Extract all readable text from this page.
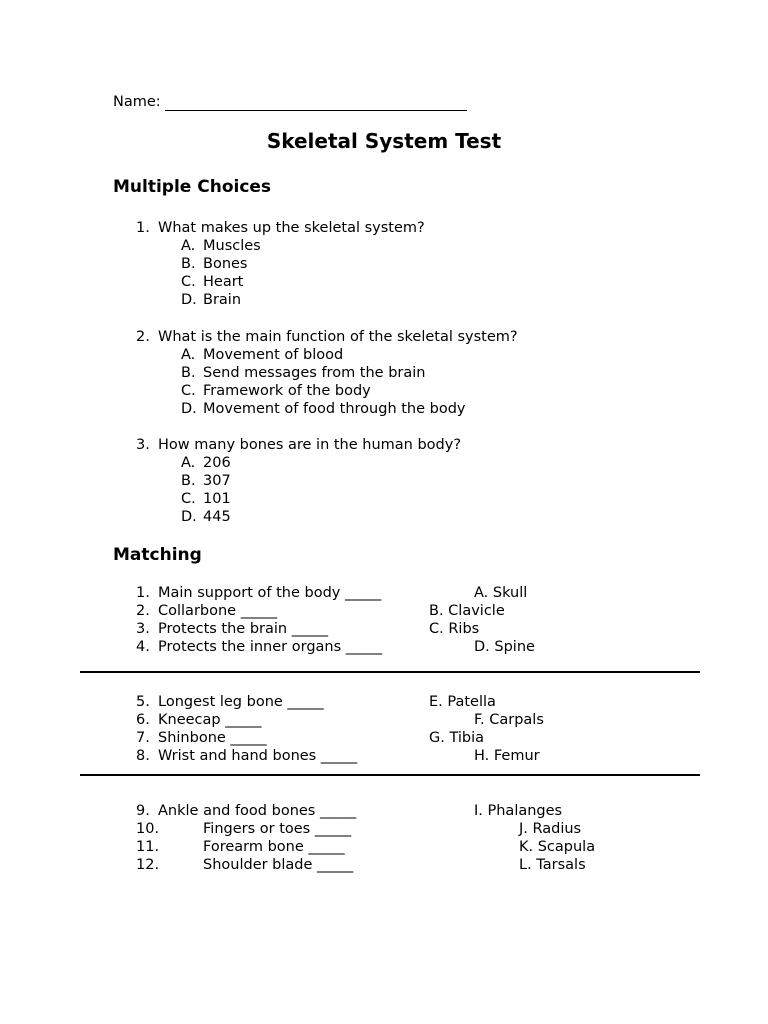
Name:
Skeletal System Test
Multiple Choices
1. What makes up the skeletal system?
A. Muscles
B. Bones
C. Heart
D. Brain
2. What is the main function of the skeletal system?
A. Movement of blood
B. Send messages from the brain
C. Framework of the body
D. Movement of food through the body
3. How many bones are in the human body?
A. 206
B. 307
C. 101
D. 445
Matching
1. Main support of the body _____	A. Skull
2. Collarbone _____	B. Clavicle
3. Protects the brain _____	C. Ribs
4. Protects the inner organs _____	D. Spine
5. Longest leg bone _____	E. Patella
6. Kneecap _____	F. Carpals
7. Shinbone _____	G. Tibia
8. Wrist and hand bones _____	H. Femur
9. Ankle and food bones _____	I. Phalanges
10.	Fingers or toes _____	J. Radius
11.	Forearm bone _____	K. Scapula
12.	Shoulder blade _____	L. Tarsals
